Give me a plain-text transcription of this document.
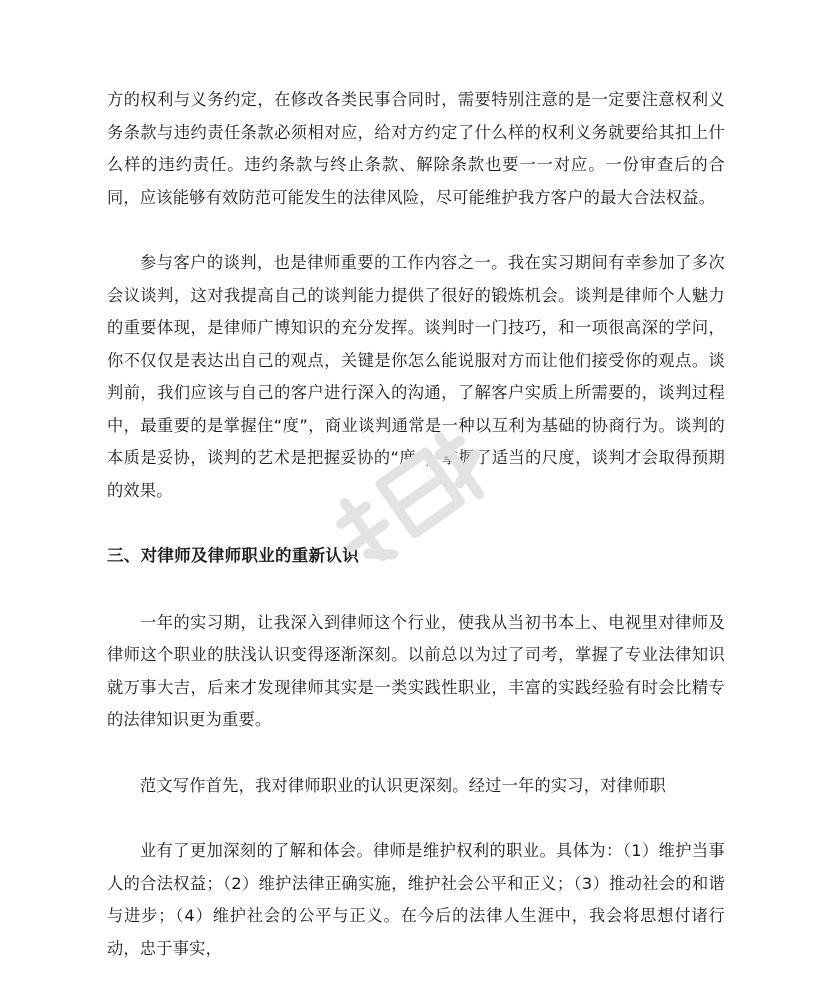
方的权利与义务约定，在修改各类民事合同时，需要特别注意的是一定要注意权利义务条款与违约责任条款必须相对应，给对方约定了什么样的权利义务就要给其扣上什么样的违约责任。违约条款与终止条款、解除条款也要一一对应。一份审查后的合同，应该能够有效防范可能发生的法律风险，尽可能维护我方客户的最大合法权益。

参与客户的谈判，也是律师重要的工作内容之一。我在实习期间有幸参加了多次会议谈判，这对我提高自己的谈判能力提供了很好的锻炼机会。谈判是律师个人魅力的重要体现，是律师广博知识的充分发挥。谈判时一门技巧，和一项很高深的学问，你不仅仅是表达出自己的观点，关键是你怎么能说服对方而让他们接受你的观点。谈判前，我们应该与自己的客户进行深入的沟通，了解客户实质上所需要的，谈判过程中，最重要的是掌握住“度”，商业谈判通常是一种以互利为基础的协商行为。谈判的本质是妥协，谈判的艺术是把握妥协的“度”，掌握了适当的尺度，谈判才会取得预期的效果。

三、对律师及律师职业的重新认识

一年的实习期，让我深入到律师这个行业，使我从当初书本上、电视里对律师及律师这个职业的肤浅认识变得逐渐深刻。以前总以为过了司考，掌握了专业法律知识就万事大吉，后来才发现律师其实是一类实践性职业，丰富的实践经验有时会比精专的法律知识更为重要。

范文写作首先，我对律师职业的认识更深刻。经过一年的实习，对律师职

业有了更加深刻的了解和体会。律师是维护权利的职业。具体为：（1）维护当事人的合法权益；（2）维护法律正确实施，维护社会公平和正义；（3）推动社会的和谐与进步；（4）维护社会的公平与正义。在今后的法律人生涯中，我会将思想付诸行动，忠于事实，
